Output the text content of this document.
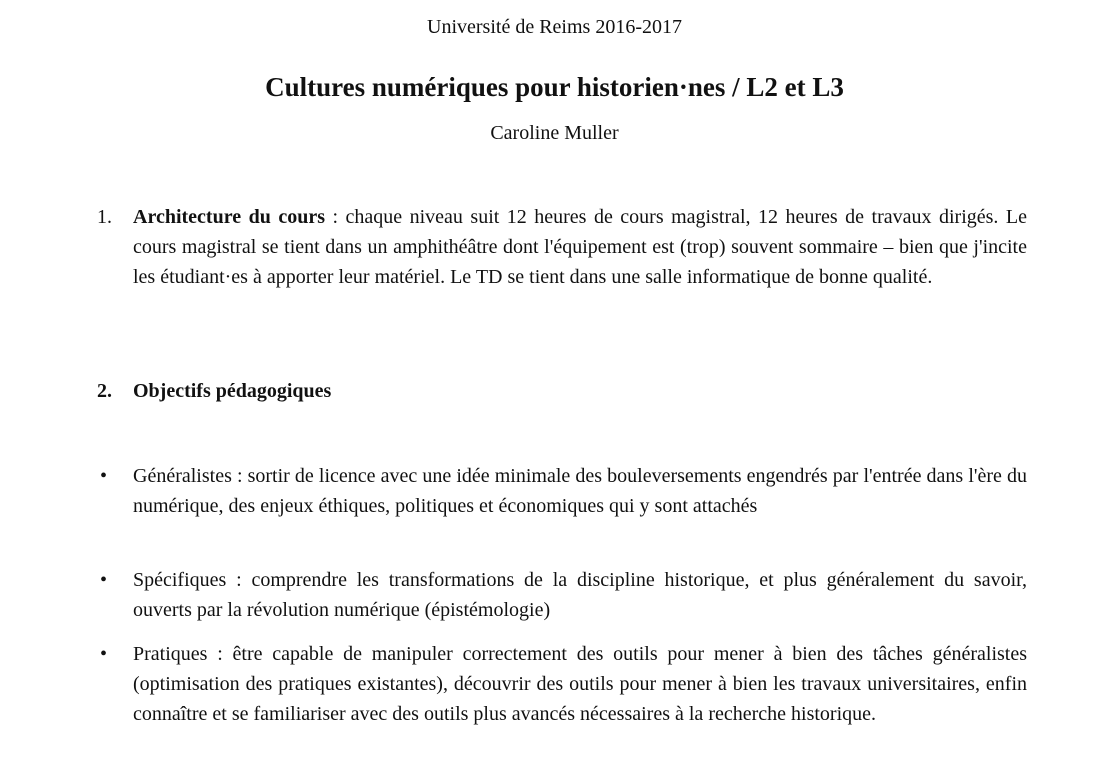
Université de Reims 2016-2017
Cultures numériques pour historien·nes / L2 et L3
Caroline Muller
1. Architecture du cours : chaque niveau suit 12 heures de cours magistral, 12 heures de travaux dirigés. Le cours magistral se tient dans un amphithéâtre dont l'équipement est (trop) souvent sommaire – bien que j'incite les étudiant·es à apporter leur matériel. Le TD se tient dans une salle informatique de bonne qualité.

2. Objectifs pédagogiques

• Généralistes : sortir de licence avec une idée minimale des bouleversements engendrés par l'entrée dans l'ère du numérique, des enjeux éthiques, politiques et économiques qui y sont attachés

• Spécifiques : comprendre les transformations de la discipline historique, et plus généralement du savoir, ouverts par la révolution numérique (épistémologie)

• Pratiques : être capable de manipuler correctement des outils pour mener à bien des tâches généralistes (optimisation des pratiques existantes), découvrir des outils pour mener à bien les travaux universitaires, enfin connaître et se familiariser avec des outils plus avancés nécessaires à la recherche historique.
